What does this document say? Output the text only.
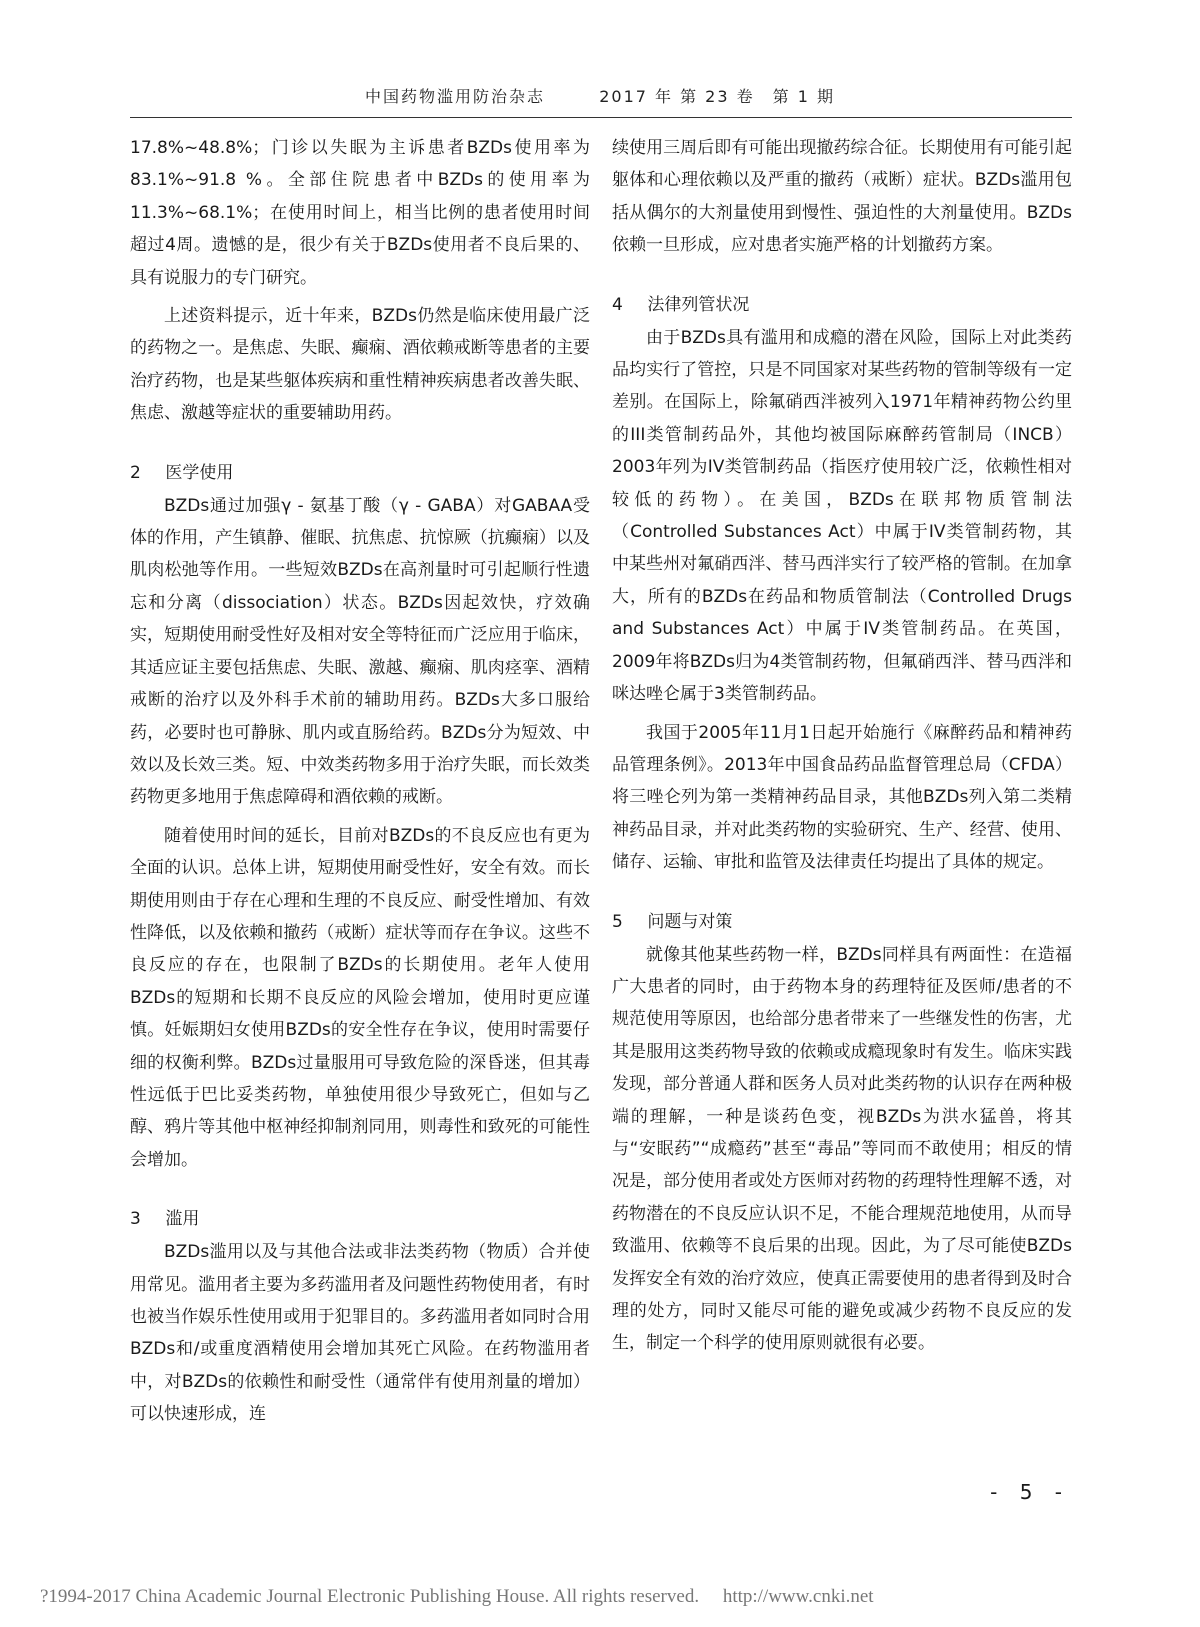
中国药物滥用防治杂志	2017 年 第 23 卷　第 1 期

17.8%~48.8%；门诊以失眠为主诉患者BZDs使用率为83.1%~91.8 %。全部住院患者中BZDs的使用率为11.3%~68.1%；在使用时间上，相当比例的患者使用时间超过4周。遗憾的是，很少有关于BZDs使用者不良后果的、具有说服力的专门研究。

上述资料提示，近十年来，BZDs仍然是临床使用最广泛的药物之一。是焦虑、失眠、癫痫、酒依赖戒断等患者的主要治疗药物，也是某些躯体疾病和重性精神疾病患者改善失眠、焦虑、激越等症状的重要辅助用药。

2 医学使用

BZDs通过加强γ - 氨基丁酸（γ - GABA）对GABAA受体的作用，产生镇静、催眠、抗焦虑、抗惊厥（抗癫痫）以及肌肉松弛等作用。一些短效BZDs在高剂量时可引起顺行性遗忘和分离（dissociation）状态。BZDs因起效快，疗效确实，短期使用耐受性好及相对安全等特征而广泛应用于临床，其适应证主要包括焦虑、失眠、激越、癫痫、肌肉痉挛、酒精戒断的治疗以及外科手术前的辅助用药。BZDs大多口服给药，必要时也可静脉、肌内或直肠给药。BZDs分为短效、中效以及长效三类。短、中效类药物多用于治疗失眠，而长效类药物更多地用于焦虑障碍和酒依赖的戒断。

随着使用时间的延长，目前对BZDs的不良反应也有更为全面的认识。总体上讲，短期使用耐受性好，安全有效。而长期使用则由于存在心理和生理的不良反应、耐受性增加、有效性降低，以及依赖和撤药（戒断）症状等而存在争议。这些不良反应的存在，也限制了BZDs的长期使用。老年人使用BZDs的短期和长期不良反应的风险会增加，使用时更应谨慎。妊娠期妇女使用BZDs的安全性存在争议，使用时需要仔细的权衡利弊。BZDs过量服用可导致危险的深昏迷，但其毒性远低于巴比妥类药物，单独使用很少导致死亡，但如与乙醇、鸦片等其他中枢神经抑制剂同用，则毒性和致死的可能性会增加。

3 滥用

BZDs滥用以及与其他合法或非法类药物（物质）合并使用常见。滥用者主要为多药滥用者及问题性药物使用者，有时也被当作娱乐性使用或用于犯罪目的。多药滥用者如同时合用BZDs和/或重度酒精使用会增加其死亡风险。在药物滥用者中，对BZDs的依赖性和耐受性（通常伴有使用剂量的增加）可以快速形成，连

续使用三周后即有可能出现撤药综合征。长期使用有可能引起躯体和心理依赖以及严重的撤药（戒断）症状。BZDs滥用包括从偶尔的大剂量使用到慢性、强迫性的大剂量使用。BZDs依赖一旦形成，应对患者实施严格的计划撤药方案。

4 法律列管状况

由于BZDs具有滥用和成瘾的潜在风险，国际上对此类药品均实行了管控，只是不同国家对某些药物的管制等级有一定差别。在国际上，除氟硝西泮被列入1971年精神药物公约里的III类管制药品外，其他均被国际麻醉药管制局（INCB）2003年列为IV类管制药品（指医疗使用较广泛，依赖性相对较低的药物）。在美国，BZDs在联邦物质管制法（Controlled Substances Act）中属于IV类管制药物，其中某些州对氟硝西泮、替马西泮实行了较严格的管制。在加拿大，所有的BZDs在药品和物质管制法（Controlled Drugs and Substances Act）中属于IV类管制药品。在英国，2009年将BZDs归为4类管制药物，但氟硝西泮、替马西泮和咪达唑仑属于3类管制药品。

我国于2005年11月1日起开始施行《麻醉药品和精神药品管理条例》。2013年中国食品药品监督管理总局（CFDA）将三唑仑列为第一类精神药品目录，其他BZDs列入第二类精神药品目录，并对此类药物的实验研究、生产、经营、使用、储存、运输、审批和监管及法律责任均提出了具体的规定。

5 问题与对策

就像其他某些药物一样，BZDs同样具有两面性：在造福广大患者的同时，由于药物本身的药理特征及医师/患者的不规范使用等原因，也给部分患者带来了一些继发性的伤害，尤其是服用这类药物导致的依赖或成瘾现象时有发生。临床实践发现，部分普通人群和医务人员对此类药物的认识存在两种极端的理解，一种是谈药色变，视BZDs为洪水猛兽，将其与“安眠药”“成瘾药”甚至“毒品”等同而不敢使用；相反的情况是，部分使用者或处方医师对药物的药理特性理解不透，对药物潜在的不良反应认识不足，不能合理规范地使用，从而导致滥用、依赖等不良后果的出现。因此，为了尽可能使BZDs发挥安全有效的治疗效应，使真正需要使用的患者得到及时合理的处方，同时又能尽可能的避免或减少药物不良反应的发生，制定一个科学的使用原则就很有必要。

- 5 -
?1994-2017 China Academic Journal Electronic Publishing House. All rights reserved.　 http://www.cnki.net
